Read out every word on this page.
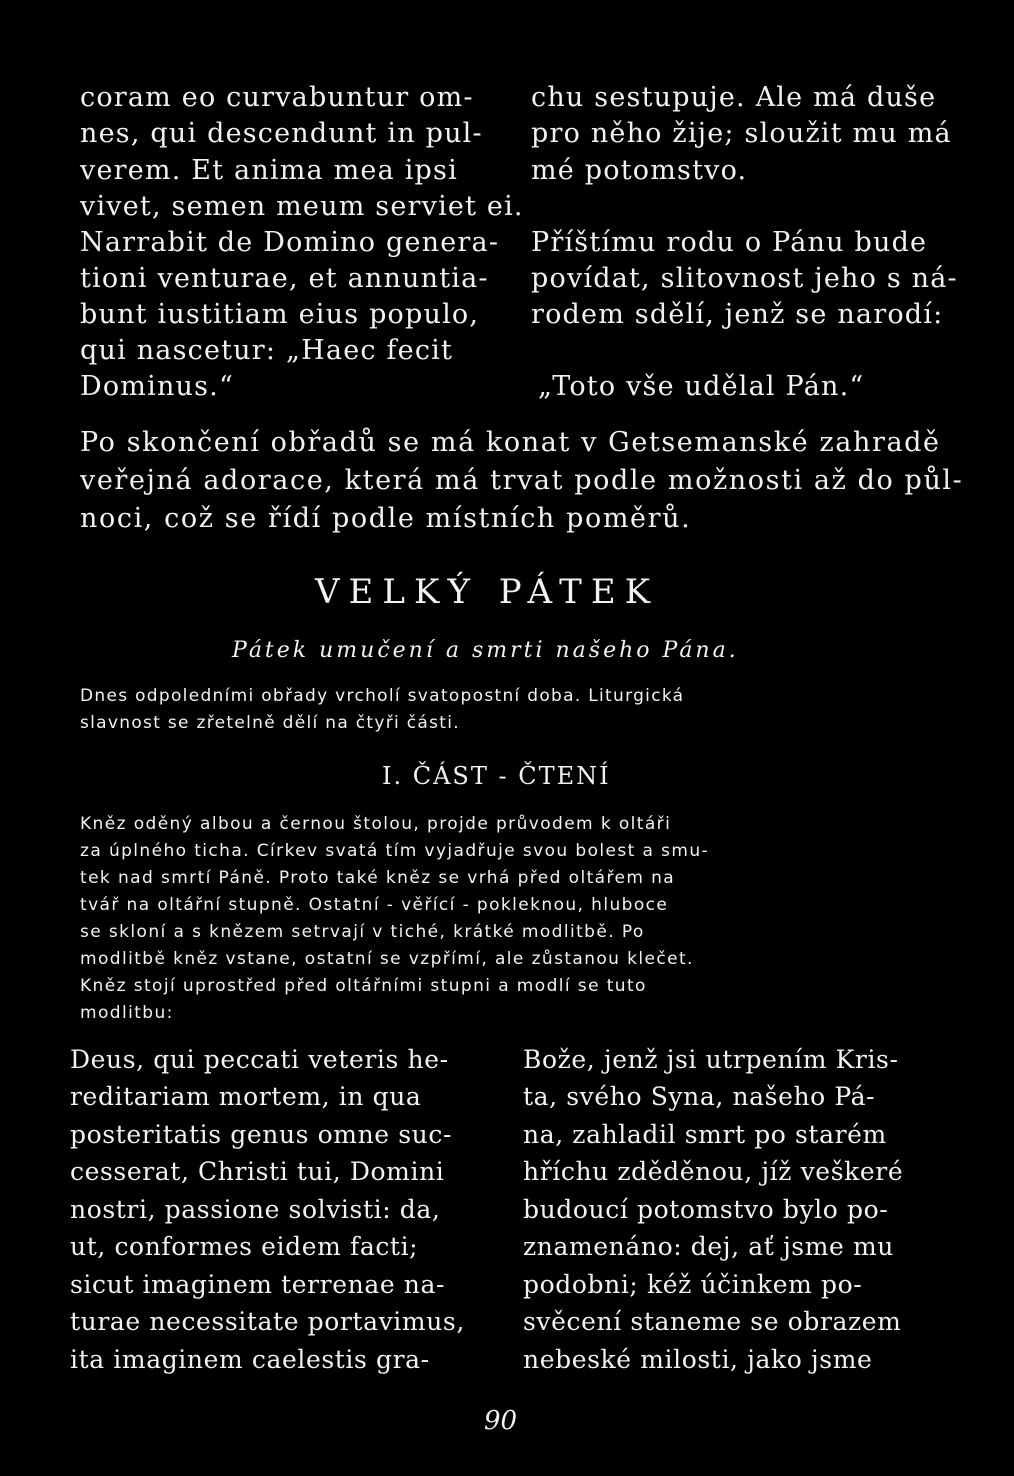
coram eo curvabuntur om-
nes, qui descendunt in pul-
verem. Et anima mea ipsi
vivet, semen meum serviet ei.
Narrabit de Domino genera-
tioni venturae, et annuntia-
bunt iustitiam eius populo,
qui nascetur: „Haec fecit
Dominus.“
chu sestupuje. Ale má duše
pro něho žije; sloužit mu má
mé potomstvo.
Příštímu rodu o Pánu bude
povídat, slitovnost jeho s ná-
rodem sdělí, jenž se narodí:
„Toto vše udělal Pán.“
Po skončení obřadů se má konat v Getsemanské zahradě
veřejná adorace, která má trvat podle možnosti až do půl-
noci, což se řídí podle místních poměrů.
VELKÝ PÁTEK
Pátek umučení a smrti našeho Pána.
Dnes odpoledními obřady vrcholí svatopostní doba. Liturgická
slavnost se zřetelně dělí na čtyři části.
I. ČÁST - ČTENÍ
Kněz oděný albou a černou štolou, projde průvodem k oltáři
za úplného ticha. Církev svatá tím vyjadřuje svou bolest a smu-
tek nad smrtí Páně. Proto také kněz se vrhá před oltářem na
tvář na oltářní stupně. Ostatní - věřící - pokleknou, hluboce
se skloní a s knězem setrvají v tiché, krátké modlitbě. Po
modlitbě kněz vstane, ostatní se vzpřímí, ale zůstanou klečet.
Kněz stojí uprostřed před oltářními stupni a modlí se tuto
modlitbu:
Deus, qui peccati veteris he-
reditariam mortem, in qua
posteritatis genus omne suc-
cesserat, Christi tui, Domini
nostri, passione solvisti: da,
ut, conformes eidem facti;
sicut imaginem terrenae na-
turae necessitate portavimus,
ita imaginem caelestis gra-
Bože, jenž jsi utrpením Kris-
ta, svého Syna, našeho Pá-
na, zahladil smrt po starém
hříchu zděděnou, jíž veškeré
budoucí potomstvo bylo po-
znamenáno: dej, ať jsme mu
podobni; kéž účinkem po-
svěcení staneme se obrazem
nebeské milosti, jako jsme
90
